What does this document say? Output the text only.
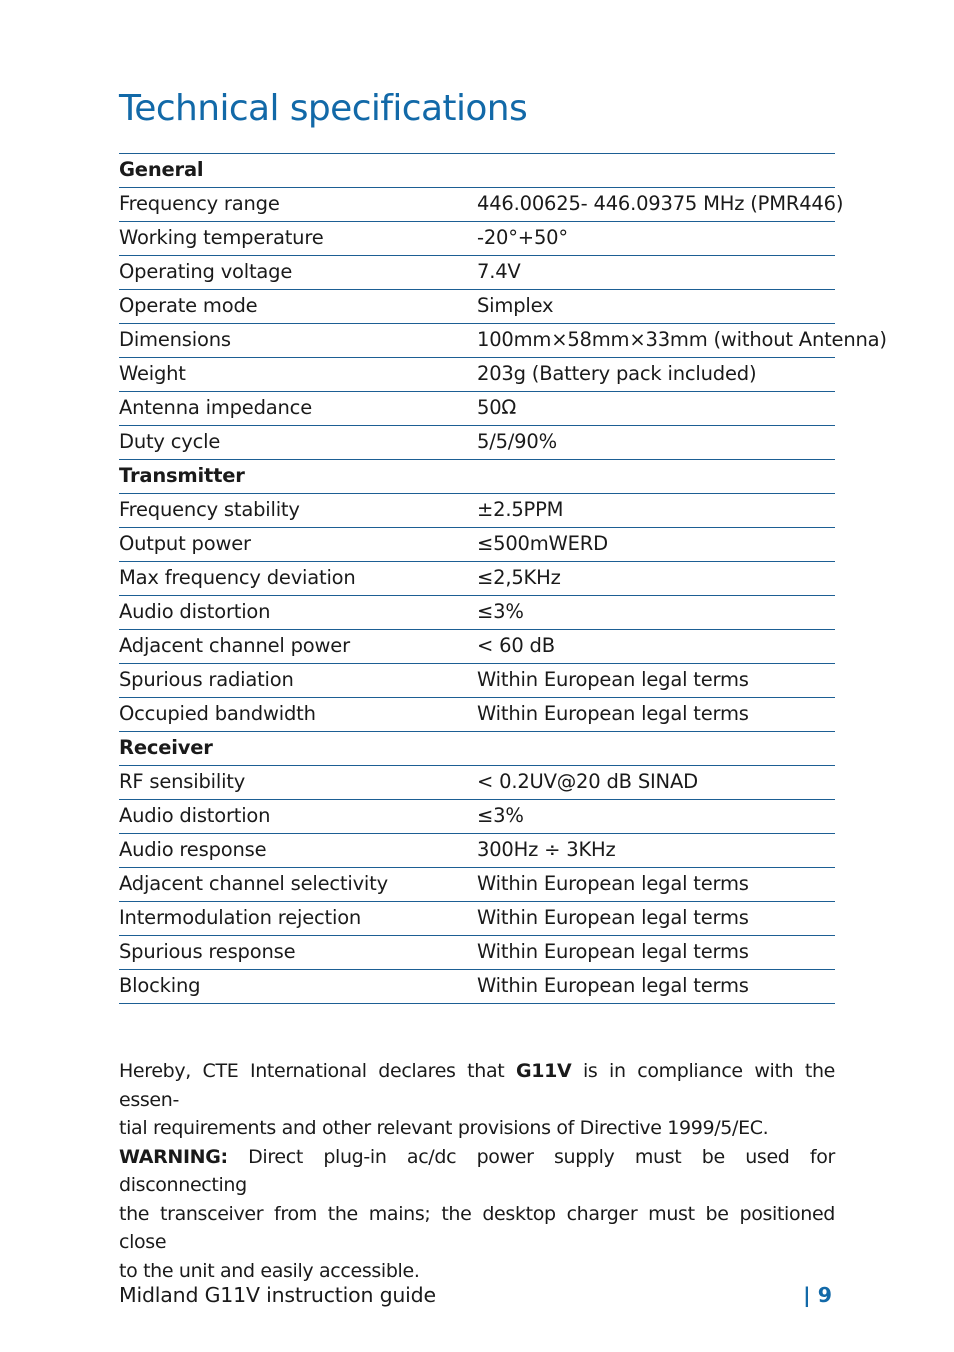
Technical specifications
General	
Frequency range	446.00625- 446.09375 MHz (PMR446)
Working temperature	-20°+50°
Operating voltage	7.4V
Operate mode	Simplex
Dimensions	100mm×58mm×33mm (without Antenna)
Weight	203g (Battery pack included)
Antenna impedance	50Ω
Duty cycle	5/5/90%
Transmitter	
Frequency stability	±2.5PPM
Output power	≤500mWERD
Max frequency deviation	≤2,5KHz
Audio distortion	≤3%
Adjacent channel power	< 60 dB
Spurious radiation	Within European legal terms
Occupied bandwidth	Within European legal terms
Receiver	
RF sensibility	< 0.2UV@20 dB SINAD
Audio distortion	≤3%
Audio response	300Hz ÷ 3KHz
Adjacent channel selectivity	Within European legal terms
Intermodulation rejection	Within European legal terms
Spurious response	Within European legal terms
Blocking	Within European legal terms

Hereby, CTE International declares that G11V is in compliance with the essen-
tial requirements and other relevant provisions of Directive 1999/5/EC.
WARNING: Direct plug-in ac/dc power supply must be used for disconnecting
the transceiver from the mains; the desktop charger must be positioned close
to the unit and easily accessible.

Midland G11V instruction guide	| 9
